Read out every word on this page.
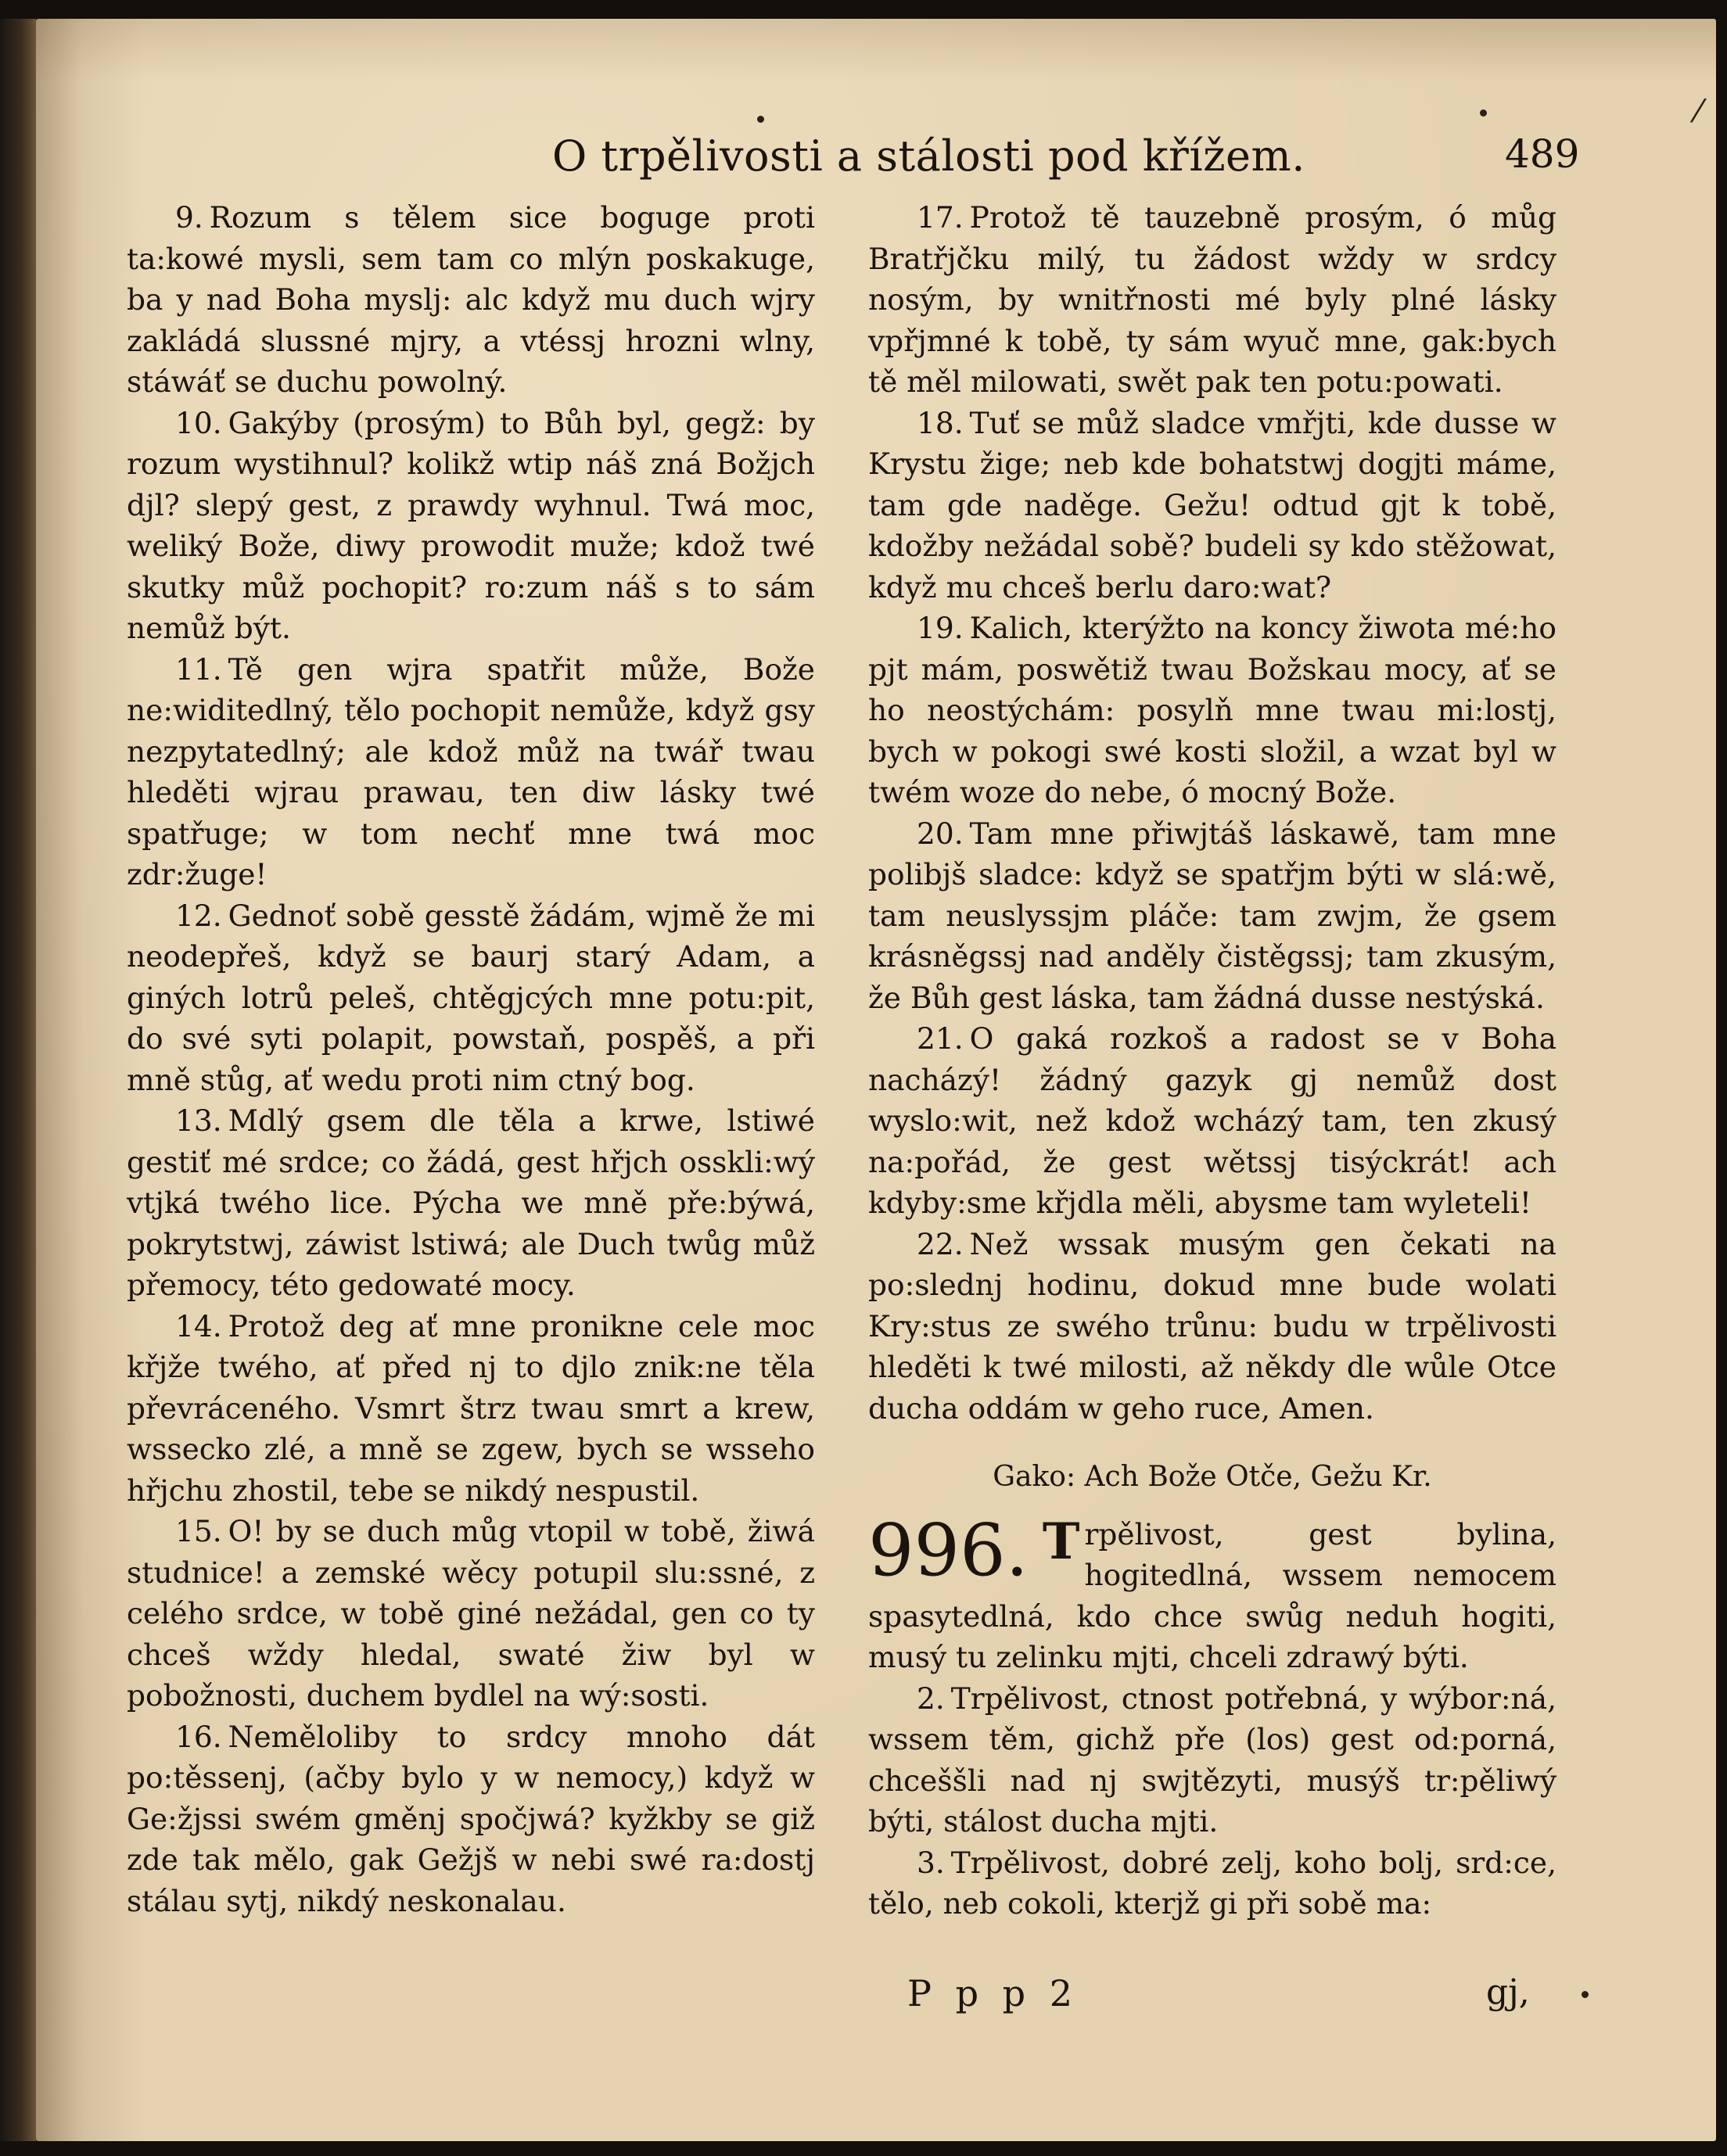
O trpělivosti a stálosti pod křížem.	489

9. Rozum s tělem sice boguge proti ta:kowé mysli, sem tam co mlýn poskakuge, ba y nad Boha myslj: alc když mu duch wjry zakládá slussné mjry, a vtéssj hrozni wlny, stáwáť se duchu powolný.

10. Gakýby (prosým) to Bůh byl, gegž: by rozum wystihnul? kolikž wtip náš zná Božjch djl? slepý gest, z prawdy wyhnul. Twá moc, weliký Bože, diwy prowodit muže; kdož twé skutky můž pochopit? ro:zum náš s to sám nemůž být.

11. Tě gen wjra spatřit může, Bože ne:widitedlný, tělo pochopit nemůže, když gsy nezpytatedlný; ale kdož můž na twář twau hleděti wjrau prawau, ten diw lásky twé spatřuge; w tom nechť mne twá moc zdr:žuge!

12. Gednoť sobě gesstě žádám, wjmě že mi neodepřeš, když se baurj starý Adam, a giných lotrů peleš, chtěgjcých mne potu:pit, do své syti polapit, powstaň, pospěš, a při mně stůg, ať wedu proti nim ctný bog.

13. Mdlý gsem dle těla a krwe, lstiwé gestiť mé srdce; co žádá, gest hřjch osskli:wý vtjká twého lice. Pýcha we mně pře:býwá, pokrytstwj, záwist lstiwá; ale Duch twůg můž přemocy, této gedowaté mocy.

14. Protož deg ať mne pronikne cele moc křjže twého, ať před nj to djlo znik:ne těla převráceného. Vsmrt štrz twau smrt a krew, wssecko zlé, a mně se zgew, bych se wsseho hřjchu zhostil, tebe se nikdý nespustil.

15. O! by se duch můg vtopil w tobě, žiwá studnice! a zemské wěcy potupil slu:ssné, z celého srdce, w tobě giné nežádal, gen co ty chceš wždy hledal, swaté žiw byl w pobožnosti, duchem bydlel na wý:sosti.

16. Neměloliby to srdcy mnoho dát po:těssenj, (ačby bylo y w nemocy,) když w Ge:žjssi swém gměnj spočjwá? kyžkby se giž zde tak mělo, gak Gežjš w nebi swé ra:dostj stálau sytj, nikdý neskonalau.

17. Protož tě tauzebně prosým, ó můg Bratřjčku milý, tu žádost wždy w srdcy nosým, by wnitřnosti mé byly plné lásky vpřjmné k tobě, ty sám wyuč mne, gak:bych tě měl milowati, swět pak ten potu:powati.

18. Tuť se můž sladce vmřjti, kde dusse w Krystu žige; neb kde bohatstwj dogjti máme, tam gde naděge. Gežu! odtud gjt k tobě, kdožby nežádal sobě? budeli sy kdo stěžowat, když mu chceš berlu daro:wat?

19. Kalich, kterýžto na koncy žiwota mé:ho pjt mám, poswětiž twau Božskau mocy, ať se ho neostýchám: posylň mne twau mi:lostj, bych w pokogi swé kosti složil, a wzat byl w twém woze do nebe, ó mocný Bože.

20. Tam mne přiwjtáš láskawě, tam mne polibjš sladce: když se spatřjm býti w slá:wě, tam neuslyssjm pláče: tam zwjm, že gsem krásněgssj nad anděly čistěgssj; tam zkusým, že Bůh gest láska, tam žádná dusse nestýská.

21. O gaká rozkoš a radost se v Boha nacházý! žádný gazyk gj nemůž dost wyslo:wit, než kdož wcházý tam, ten zkusý na:pořád, že gest wětssj tisýckrát! ach kdyby:sme křjdla měli, abysme tam wyleteli!

22. Než wssak musým gen čekati na po:slednj hodinu, dokud mne bude wolati Kry:stus ze swého trůnu: budu w trpělivosti hleděti k twé milosti, až někdy dle wůle Otce ducha oddám w geho ruce, Amen.

Gako: Ach Bože Otče, Gežu Kr.

996. T rpělivost, gest bylina, hogitedlná, wssem nemocem spasytedlná, kdo chce swůg neduh hogiti, musý tu zelinku mjti, chceli zdrawý býti.

2. Trpělivost, ctnost potřebná, y wýbor:ná, wssem těm, gichž pře (los) gest od:porná, chceššli nad nj swjtězyti, musýš tr:pěliwý býti, stálost ducha mjti.

3. Trpělivost, dobré zelj, koho bolj, srd:ce, tělo, neb cokoli, kterjž gi při sobě ma:

P p p 2	gj,
⁄
